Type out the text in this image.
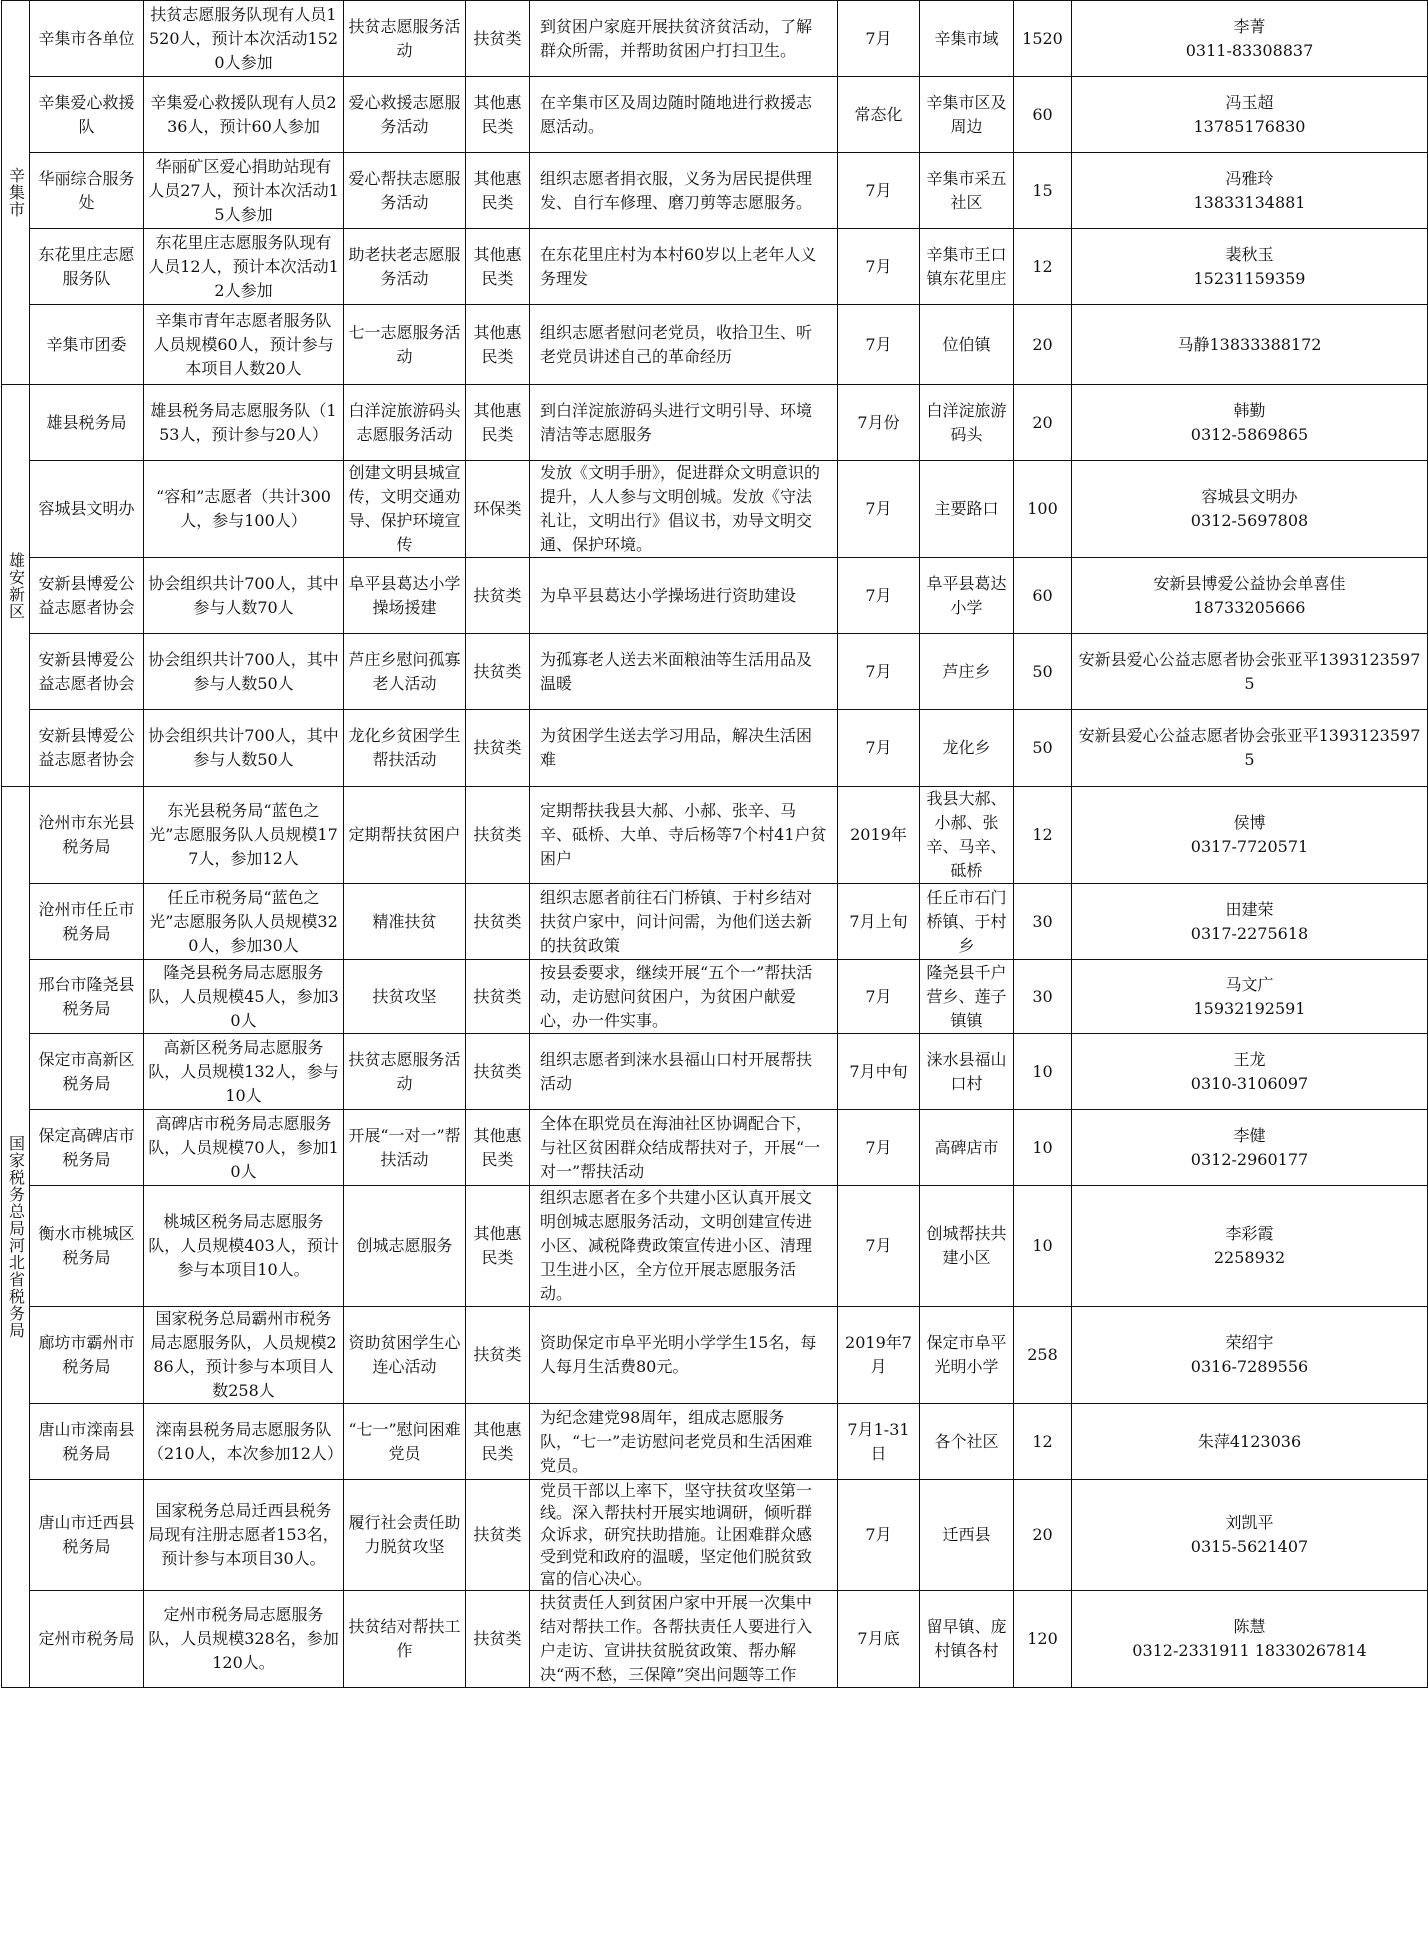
辛集市	辛集市各单位	扶贫志愿服务队现有人员1520人，预计本次活动1520人参加	扶贫志愿服务活动	扶贫类	到贫困户家庭开展扶贫济贫活动，了解群众所需，并帮助贫困户打扫卫生。	7月	辛集市域	1520	李菁
0311-83308837

	辛集爱心救援队	辛集爱心救援队现有人员236人，预计60人参加	爱心救援志愿服务活动	其他惠民类	在辛集市区及周边随时随地进行救援志愿活动。	常态化	辛集市区及周边	60	冯玉超
13785176830

	华丽综合服务处	华丽矿区爱心捐助站现有人员27人，预计本次活动15人参加	爱心帮扶志愿服务活动	其他惠民类	组织志愿者捐衣服，义务为居民提供理发、自行车修理、磨刀剪等志愿服务。	7月	辛集市采五社区	15	冯雅玲
13833134881

	东花里庄志愿服务队	东花里庄志愿服务队现有人员12人，预计本次活动12人参加	助老扶老志愿服务活动	其他惠民类	在东花里庄村为本村60岁以上老年人义务理发	7月	辛集市王口镇东花里庄	12	裴秋玉
15231159359

	辛集市团委	辛集市青年志愿者服务队人员规模60人，预计参与本项目人数20人	七一志愿服务活动	其他惠民类	组织志愿者慰问老党员，收拾卫生、听老党员讲述自己的革命经历	7月	位伯镇	20	马静13833388172

雄安新区	雄县税务局	雄县税务局志愿服务队（153人，预计参与20人）	白洋淀旅游码头志愿服务活动	其他惠民类	到白洋淀旅游码头进行文明引导、环境清洁等志愿服务	7月份	白洋淀旅游码头	20	韩勤
0312-5869865

	容城县文明办	“容和”志愿者（共计300人，参与100人）	创建文明县城宣传，文明交通劝导、保护环境宣传	环保类	发放《文明手册》，促进群众文明意识的提升，人人参与文明创城。发放《守法礼让，文明出行》倡议书，劝导文明交通、保护环境。	7月	主要路口	100	容城县文明办
0312-5697808

	安新县博爱公益志愿者协会	协会组织共计700人，其中参与人数70人	阜平县葛达小学操场援建	扶贫类	为阜平县葛达小学操场进行资助建设	7月	阜平县葛达小学	60	安新县博爱公益协会单喜佳
18733205666

	安新县博爱公益志愿者协会	协会组织共计700人，其中参与人数50人	芦庄乡慰问孤寡老人活动	扶贫类	为孤寡老人送去米面粮油等生活用品及温暖	7月	芦庄乡	50	安新县爱心公益志愿者协会张亚平13931235975

	安新县博爱公益志愿者协会	协会组织共计700人，其中参与人数50人	龙化乡贫困学生帮扶活动	扶贫类	为贫困学生送去学习用品，解决生活困难	7月	龙化乡	50	安新县爱心公益志愿者协会张亚平13931235975

国家税务总局河北省税务局	沧州市东光县税务局	东光县税务局“蓝色之光”志愿服务队人员规模177人，参加12人	定期帮扶贫困户	扶贫类	定期帮扶我县大郝、小郝、张辛、马辛、砥桥、大单、寺后杨等7个村41户贫困户	2019年	我县大郝、小郝、张辛、马辛、砥桥	12	侯博
0317-7720571

	沧州市任丘市税务局	任丘市税务局“蓝色之光”志愿服务队人员规模320人，参加30人	精准扶贫	扶贫类	组织志愿者前往石门桥镇、于村乡结对扶贫户家中，问计问需，为他们送去新的扶贫政策	7月上旬	任丘市石门桥镇、于村乡	30	田建荣
0317-2275618

	邢台市隆尧县税务局	隆尧县税务局志愿服务队，人员规模45人，参加30人	扶贫攻坚	扶贫类	按县委要求，继续开展“五个一”帮扶活动，走访慰问贫困户，为贫困户献爱心，办一件实事。	7月	隆尧县千户营乡、莲子镇镇	30	马文广
15932192591

	保定市高新区税务局	高新区税务局志愿服务队，人员规模132人，参与10人	扶贫志愿服务活动	扶贫类	组织志愿者到涞水县福山口村开展帮扶活动	7月中旬	涞水县福山口村	10	王龙
0310-3106097

	保定高碑店市税务局	高碑店市税务局志愿服务队，人员规模70人，参加10人	开展“一对一”帮扶活动	其他惠民类	全体在职党员在海油社区协调配合下，与社区贫困群众结成帮扶对子，开展“一对一”帮扶活动	7月	高碑店市	10	李健
0312-2960177

	衡水市桃城区税务局	桃城区税务局志愿服务队，人员规模403人，预计参与本项目10人。	创城志愿服务	其他惠民类	组织志愿者在多个共建小区认真开展文明创城志愿服务活动，文明创建宣传进小区、减税降费政策宣传进小区、清理卫生进小区，全方位开展志愿服务活动。	7月	创城帮扶共建小区	10	李彩霞
2258932

	廊坊市霸州市税务局	国家税务总局霸州市税务局志愿服务队，人员规模286人，预计参与本项目人数258人	资助贫困学生心连心活动	扶贫类	资助保定市阜平光明小学学生15名，每人每月生活费80元。	2019年7月	保定市阜平光明小学	258	荣绍宇
0316-7289556

	唐山市滦南县税务局	滦南县税务局志愿服务队（210人，本次参加12人）	“七一”慰问困难党员	其他惠民类	为纪念建党98周年，组成志愿服务队，“七一”走访慰问老党员和生活困难党员。	7月1-31日	各个社区	12	朱萍4123036

	唐山市迁西县税务局	国家税务总局迁西县税务局现有注册志愿者153名，预计参与本项目30人。	履行社会责任助力脱贫攻坚	扶贫类	党员干部以上率下，坚守扶贫攻坚第一线。深入帮扶村开展实地调研，倾听群众诉求，研究扶助措施。让困难群众感受到党和政府的温暖，坚定他们脱贫致富的信心决心。	7月	迁西县	20	刘凯平
0315-5621407

	定州市税务局	定州市税务局志愿服务队，人员规模328名，参加120人。	扶贫结对帮扶工作	扶贫类	扶贫责任人到贫困户家中开展一次集中结对帮扶工作。各帮扶责任人要进行入户走访、宣讲扶贫脱贫政策、帮办解决“两不愁，三保障”突出问题等工作	7月底	留早镇、庞村镇各村	120	陈慧
0312-2331911 18330267814
